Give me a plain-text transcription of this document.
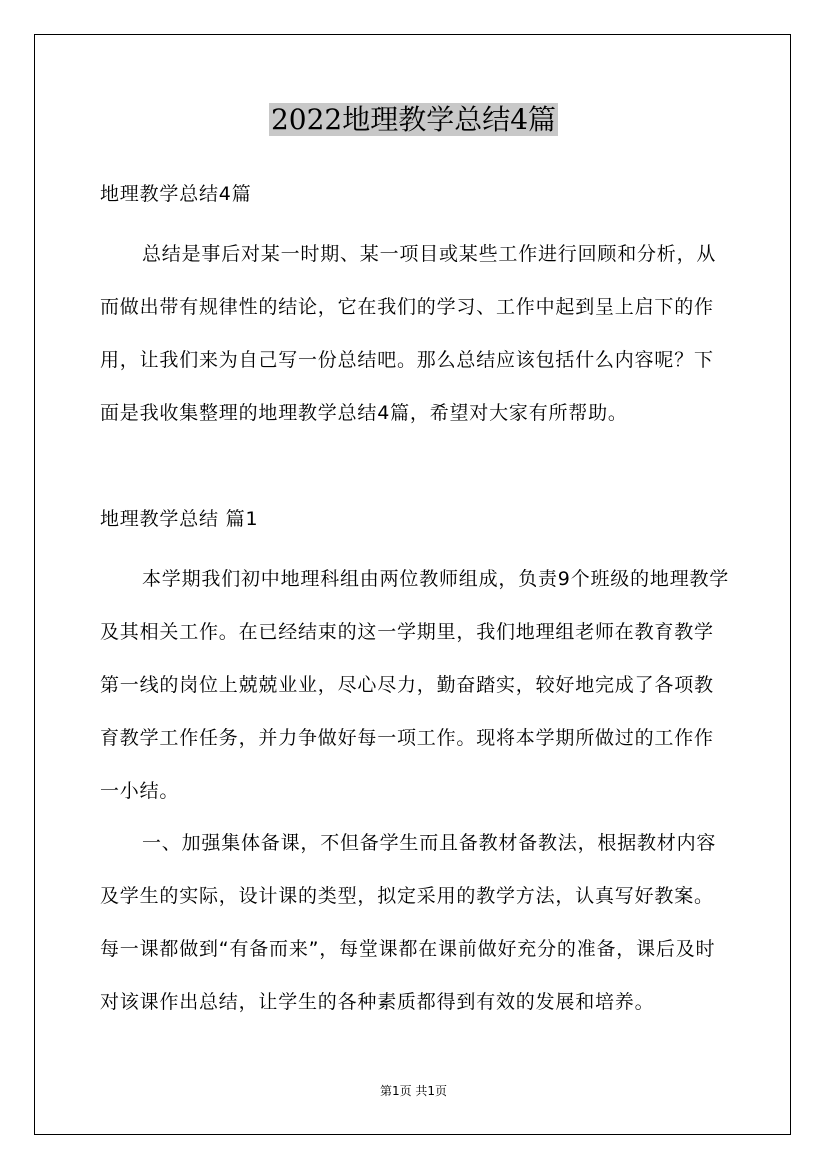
2022地理教学总结4篇
地理教学总结4篇
总结是事后对某一时期、某一项目或某些工作进行回顾和分析，从而做出带有规律性的结论，它在我们的学习、工作中起到呈上启下的作用，让我们来为自己写一份总结吧。那么总结应该包括什么内容呢？下面是我收集整理的地理教学总结4篇，希望对大家有所帮助。
地理教学总结 篇1
本学期我们初中地理科组由两位教师组成，负责9个班级的地理教学及其相关工作。在已经结束的这一学期里，我们地理组老师在教育教学第一线的岗位上兢兢业业，尽心尽力，勤奋踏实，较好地完成了各项教育教学工作任务，并力争做好每一项工作。现将本学期所做过的工作作一小结。
一、加强集体备课，不但备学生而且备教材备教法，根据教材内容及学生的实际，设计课的类型，拟定采用的教学方法，认真写好教案。每一课都做到“有备而来”，每堂课都在课前做好充分的准备，课后及时对该课作出总结，让学生的各种素质都得到有效的发展和培养。
第1页 共1页
